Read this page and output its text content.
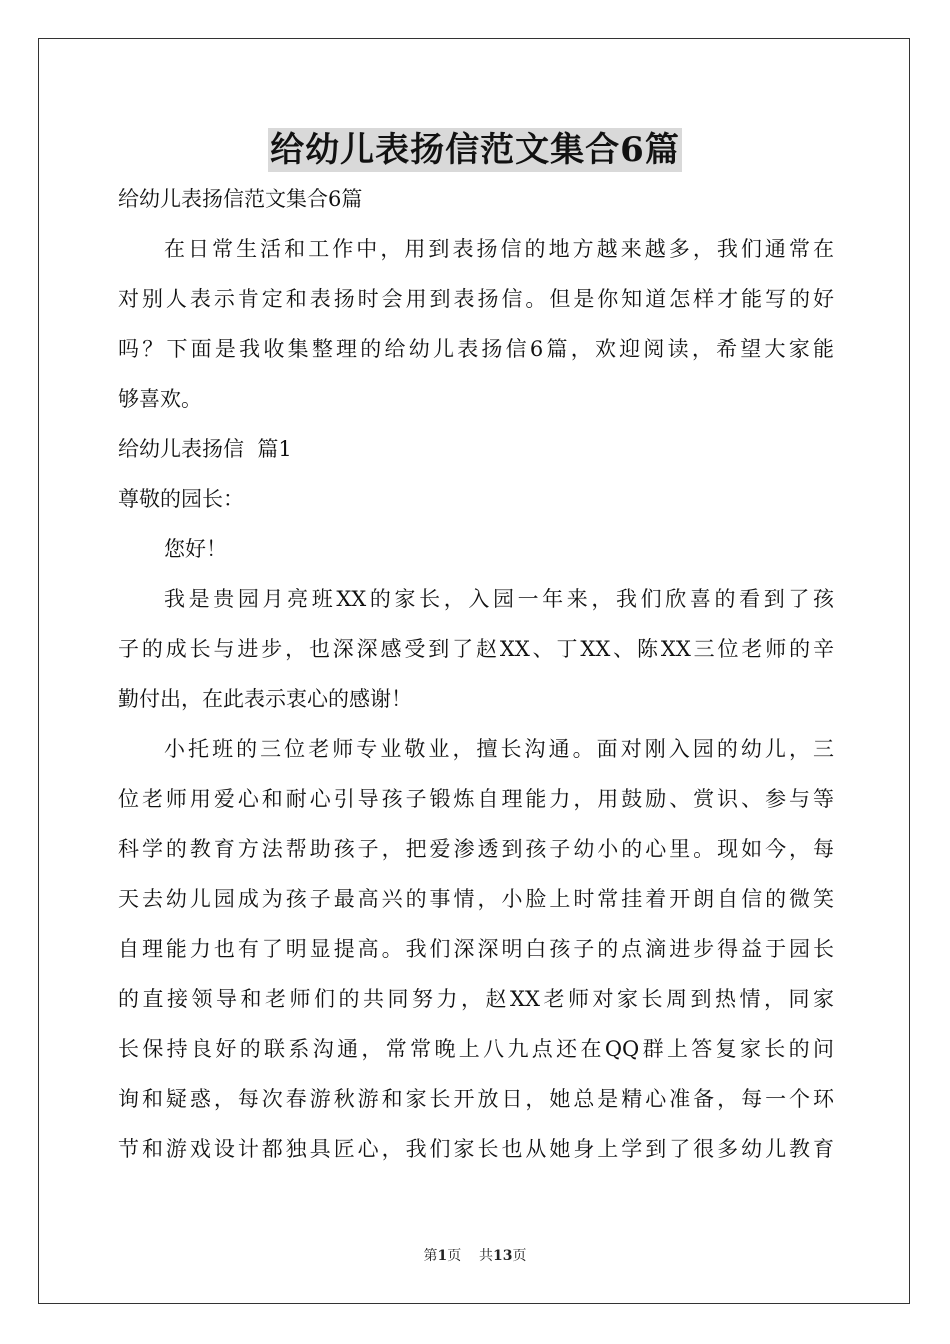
给幼儿表扬信范文集合6篇
给幼儿表扬信范文集合6篇
在日常生活和工作中，用到表扬信的地方越来越多，我们通常在
对别人表示肯定和表扬时会用到表扬信。但是你知道怎样才能写的好
吗？下面是我收集整理的给幼儿表扬信6篇，欢迎阅读，希望大家能
够喜欢。
给幼儿表扬信  篇1
尊敬的园长：
您好！
我是贵园月亮班XX的家长，入园一年来，我们欣喜的看到了孩
子的成长与进步，也深深感受到了赵XX、丁XX、陈XX三位老师的辛
勤付出，在此表示衷心的感谢！
小托班的三位老师专业敬业，擅长沟通。面对刚入园的幼儿，三
位老师用爱心和耐心引导孩子锻炼自理能力，用鼓励、赏识、参与等
科学的教育方法帮助孩子，把爱渗透到孩子幼小的心里。现如今，每
天去幼儿园成为孩子最高兴的事情，小脸上时常挂着开朗自信的微笑
自理能力也有了明显提高。我们深深明白孩子的点滴进步得益于园长
的直接领导和老师们的共同努力，赵XX老师对家长周到热情，同家
长保持良好的联系沟通，常常晚上八九点还在QQ群上答复家长的问
询和疑惑，每次春游秋游和家长开放日，她总是精心准备，每一个环
节和游戏设计都独具匠心，我们家长也从她身上学到了很多幼儿教育
第1页 共13页
